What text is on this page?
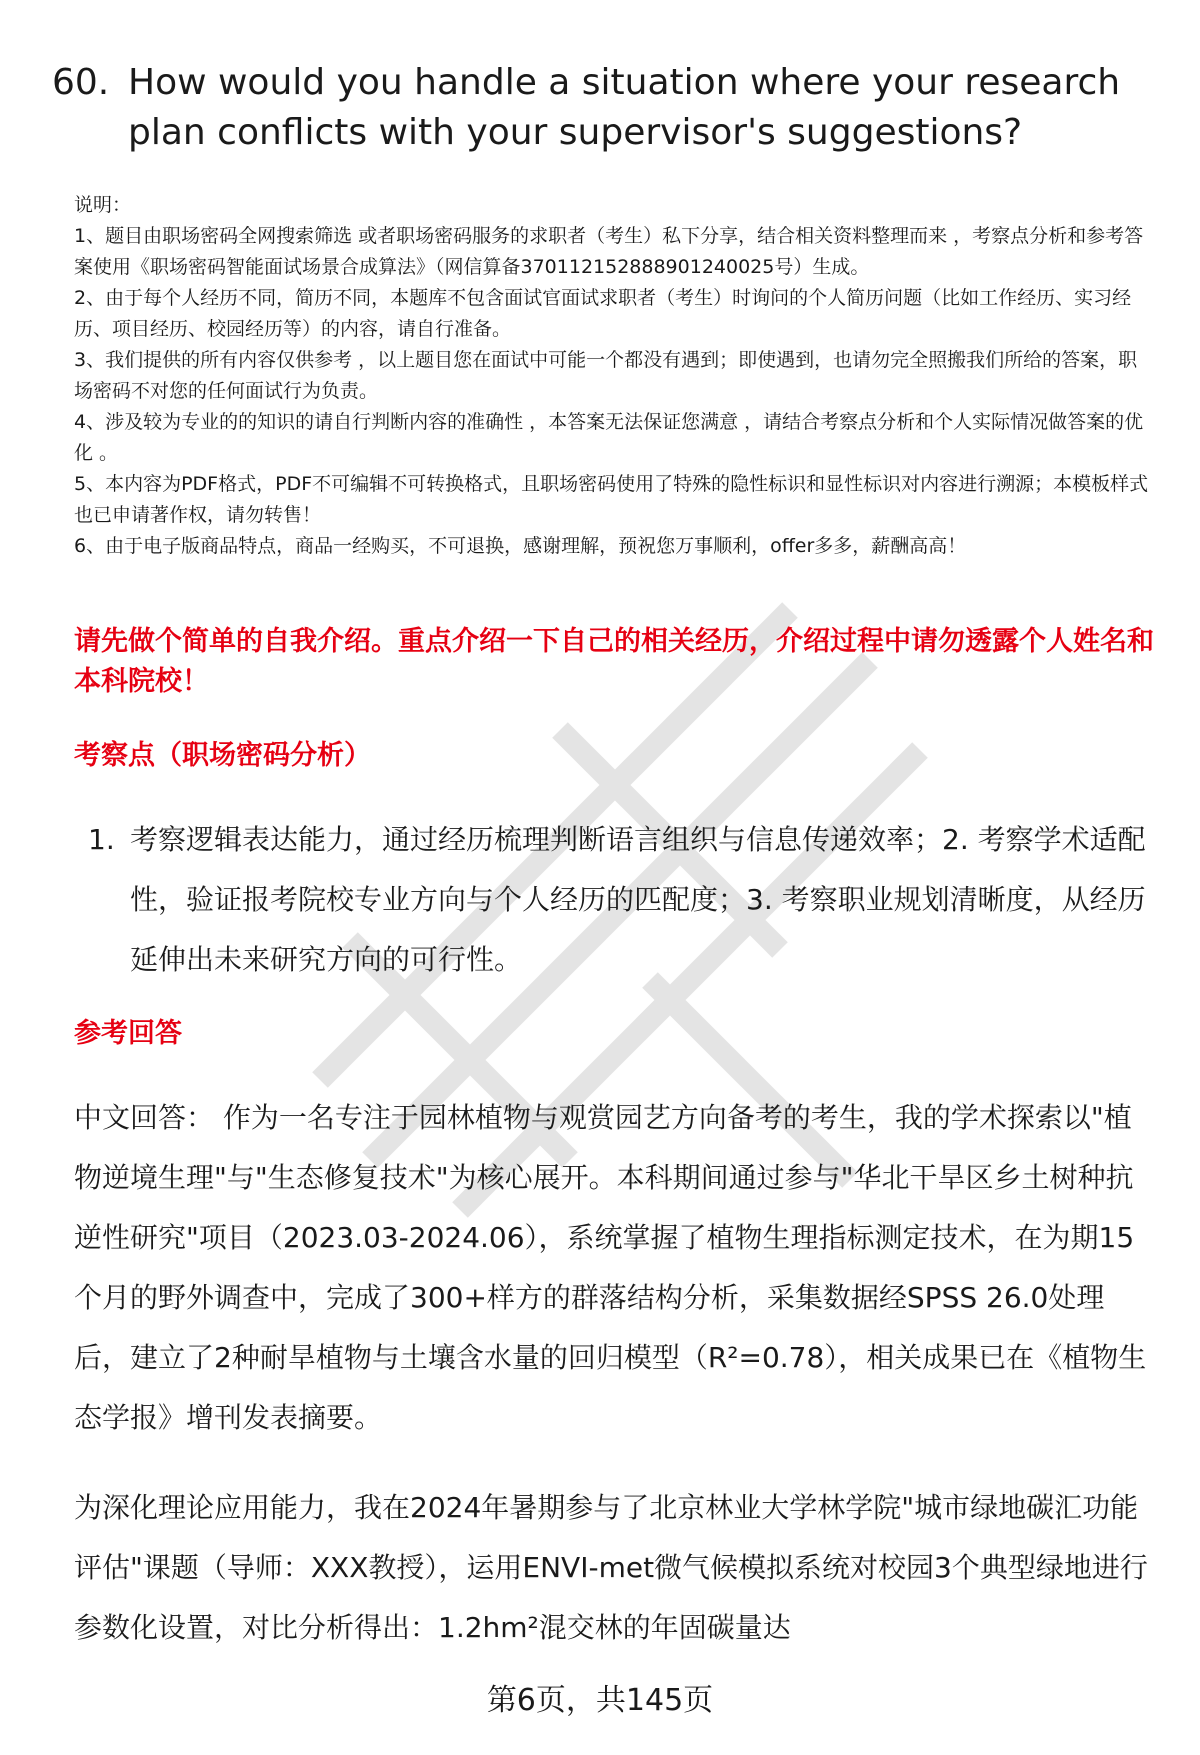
60. How would you handle a situation where your research plan conflicts with your supervisor's suggestions?

说明：

1、题目由职场密码全网搜索筛选 或者职场密码服务的求职者（考生）私下分享，结合相关资料整理而来 ，考察点分析和参考答案使用《职场密码智能面试场景合成算法》（网信算备370112152888901240025号）生成。

2、由于每个人经历不同，简历不同，本题库不包含面试官面试求职者（考生）时询问的个人简历问题（比如工作经历、实习经历、项目经历、校园经历等）的内容，请自行准备。

3、我们提供的所有内容仅供参考 ，以上题目您在面试中可能一个都没有遇到；即使遇到，也请勿完全照搬我们所给的答案，职场密码不对您的任何面试行为负责。

4、涉及较为专业的的知识的请自行判断内容的准确性 ，本答案无法保证您满意 ，请结合考察点分析和个人实际情况做答案的优化 。

5、本内容为PDF格式，PDF不可编辑不可转换格式，且职场密码使用了特殊的隐性标识和显性标识对内容进行溯源；本模板样式也已申请著作权，请勿转售！

6、由于电子版商品特点，商品一经购买，不可退换，感谢理解，预祝您万事顺利，offer多多，薪酬高高！

请先做个简单的自我介绍。重点介绍一下自己的相关经历，介绍过程中请勿透露个人姓名和本科院校！
考察点（职场密码分析）
1. 考察逻辑表达能力，通过经历梳理判断语言组织与信息传递效率；2. 考察学术适配性，验证报考院校专业方向与个人经历的匹配度；3. 考察职业规划清晰度，从经历延伸出未来研究方向的可行性。
参考回答

中文回答： 作为一名专注于园林植物与观赏园艺方向备考的考生，我的学术探索以"植物逆境生理"与"生态修复技术"为核心展开。本科期间通过参与"华北干旱区乡土树种抗逆性研究"项目（2023.03-2024.06），系统掌握了植物生理指标测定技术，在为期15个月的野外调查中，完成了300+样方的群落结构分析，采集数据经SPSS 26.0处理后，建立了2种耐旱植物与土壤含水量的回归模型（R²=0.78），相关成果已在《植物生态学报》增刊发表摘要。

为深化理论应用能力，我在2024年暑期参与了北京林业大学林学院"城市绿地碳汇功能评估"课题（导师：XXX教授），运用ENVI-met微气候模拟系统对校园3个典型绿地进行参数化设置，对比分析得出：1.2hm²混交林的年固碳量达

第6页，共145页
